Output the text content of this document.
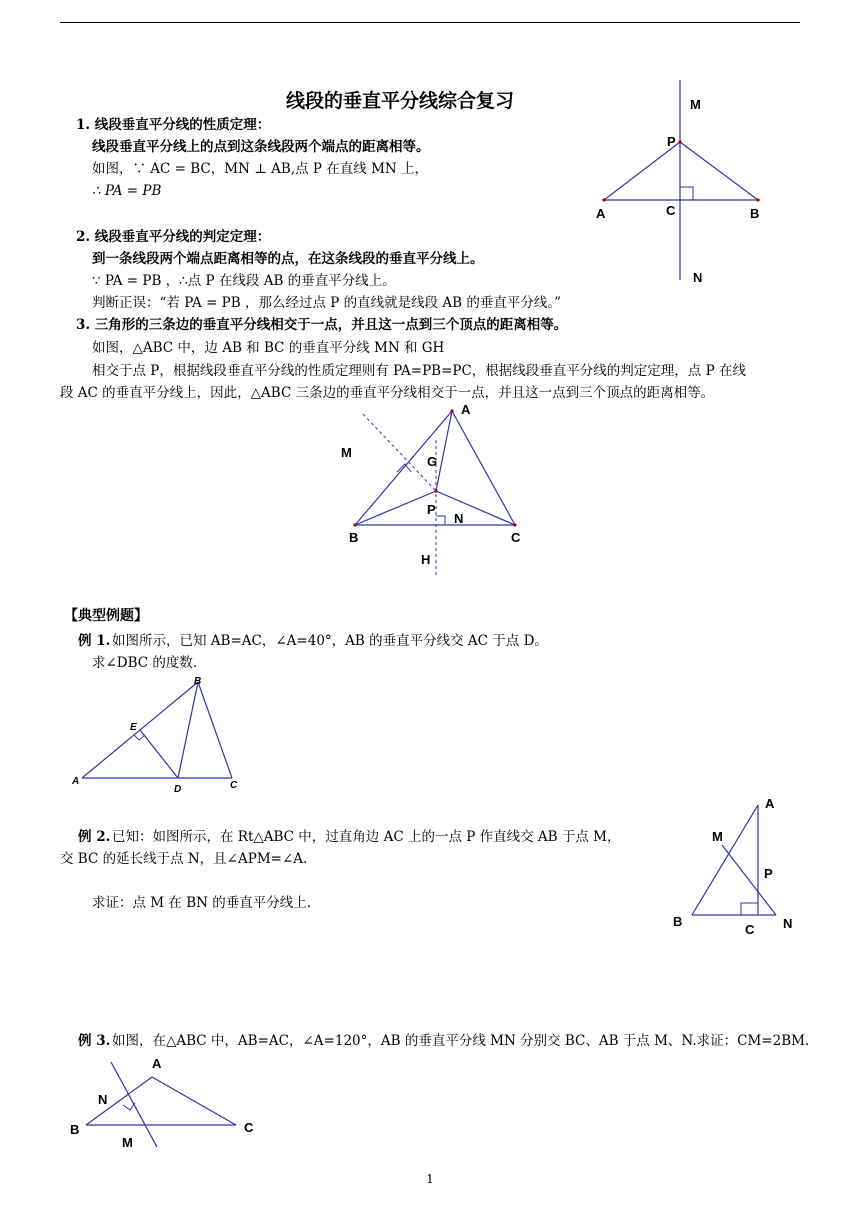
线段的垂直平分线综合复习
1. 线段垂直平分线的性质定理：
线段垂直平分线上的点到这条线段两个端点的距离相等。
如图，∵ AC = BC，MN ⊥ AB,点 P 在直线 MN 上，
∴ PA = PB
2. 线段垂直平分线的判定定理：
到一条线段两个端点距离相等的点，在这条线段的垂直平分线上。
∵ PA = PB ，∴点 P 在线段 AB 的垂直平分线上。
判断正误：“若 PA = PB ，那么经过点 P 的直线就是线段 AB 的垂直平分线。”
3. 三角形的三条边的垂直平分线相交于一点，并且这一点到三个顶点的距离相等。
如图，△ABC 中，边 AB 和 BC 的垂直平分线 MN 和 GH
相交于点 P，根据线段垂直平分线的性质定理则有 PA=PB=PC，根据线段垂直平分线的判定定理，点 P 在线
段 AC 的垂直平分线上，因此，△ABC 三条边的垂直平分线相交于一点，并且这一点到三个顶点的距离相等。
M
P
A	C	B
N
A
M
G
P
N
B	C
H
【典型例题】
例 1. 如图所示，已知 AB=AC，∠A=40°，AB 的垂直平分线交 AC 于点 D。
求∠DBC 的度数.
B
E
A
D	C
例 2. 已知：如图所示，在 Rt△ABC 中，过直角边 AC 上的一点 P 作直线交 AB 于点 M，
交 BC 的延长线于点 N，且∠APM=∠A.
求证：点 M 在 BN 的垂直平分线上.
A
M
P
B
C N
例 3. 如图，在△ABC 中，AB=AC，∠A=120°，AB 的垂直平分线 MN 分别交 BC、AB 于点 M、N.求证：CM=2BM.
A
N
B
M
C
1
